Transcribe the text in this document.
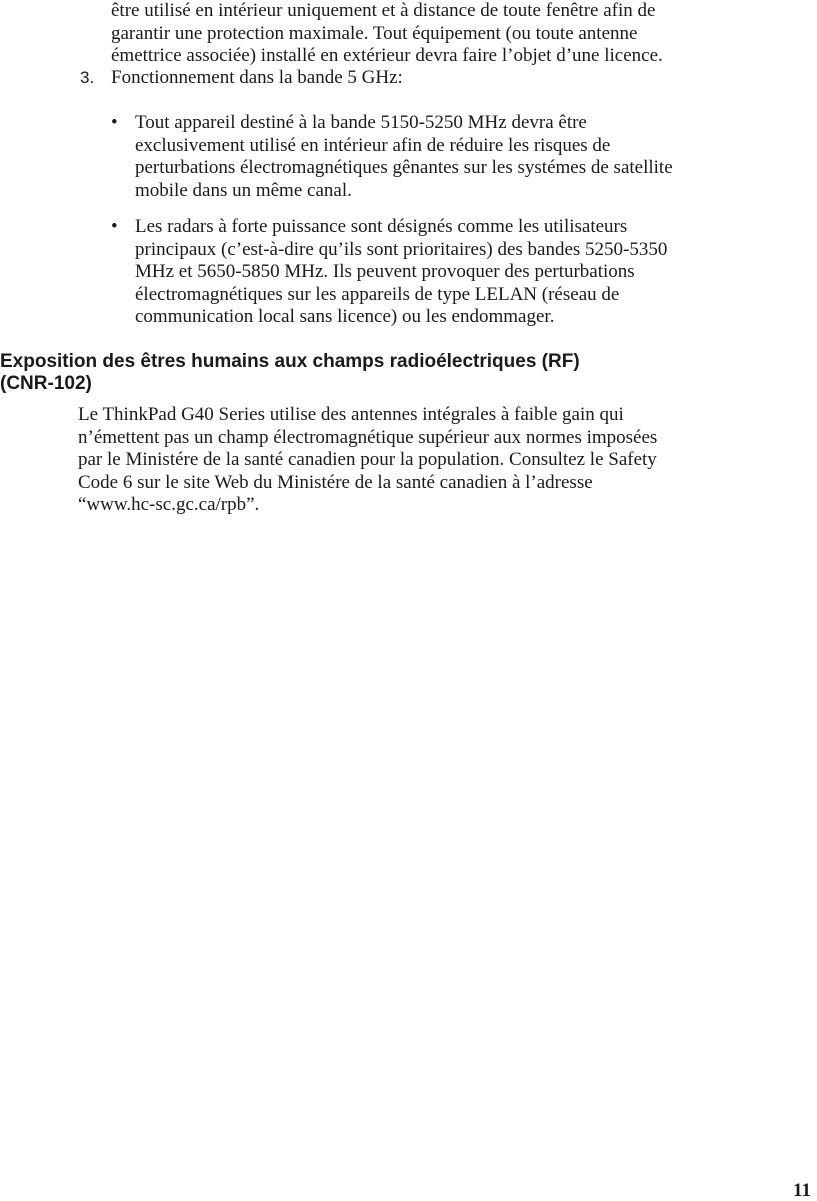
être utilisé en intérieur uniquement et à distance de toute fenêtre afin de
garantir une protection maximale. Tout équipement (ou toute antenne
émettrice associée) installé en extérieur devra faire l’objet d’une licence.
3. Fonctionnement dans la bande 5 GHz:
• Tout appareil destiné à la bande 5150-5250 MHz devra être
exclusivement utilisé en intérieur afin de réduire les risques de
perturbations électromagnétiques gênantes sur les systémes de satellite
mobile dans un même canal.
• Les radars à forte puissance sont désignés comme les utilisateurs
principaux (c’est-à-dire qu’ils sont prioritaires) des bandes 5250-5350
MHz et 5650-5850 MHz. Ils peuvent provoquer des perturbations
électromagnétiques sur les appareils de type LELAN (réseau de
communication local sans licence) ou les endommager.
Exposition des êtres humains aux champs radioélectriques (RF)
(CNR-102)
Le ThinkPad G40 Series utilise des antennes intégrales à faible gain qui
n’émettent pas un champ électromagnétique supérieur aux normes imposées
par le Ministére de la santé canadien pour la population. Consultez le Safety
Code 6 sur le site Web du Ministére de la santé canadien à l’adresse
“www.hc-sc.gc.ca/rpb”.
11
